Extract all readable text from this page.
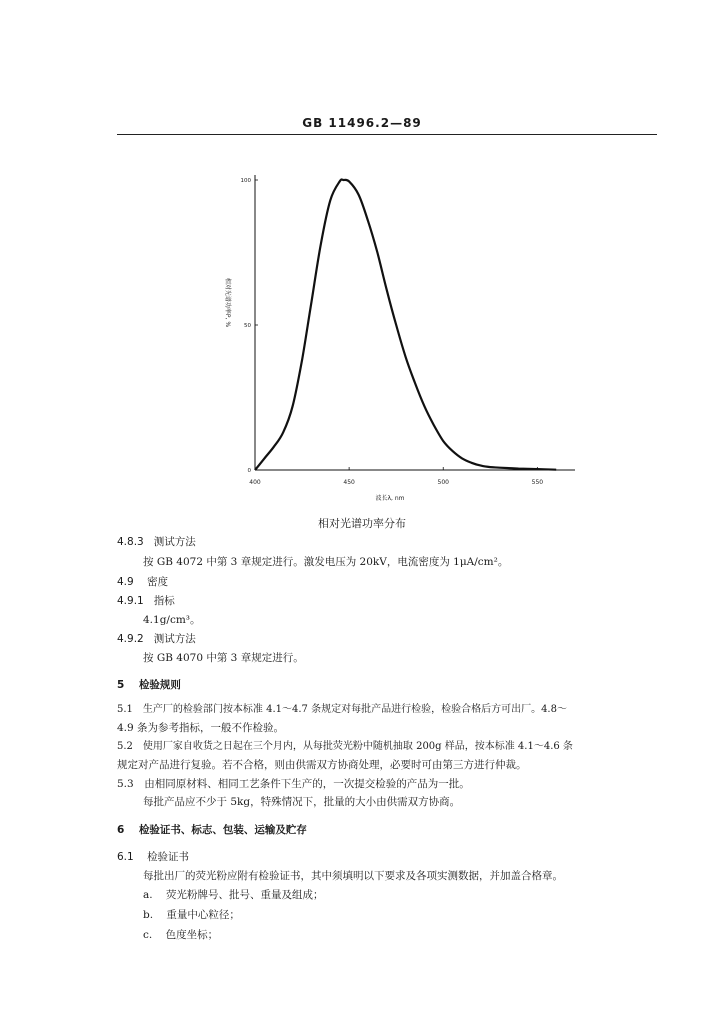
GB 11496.2—89
400	450	500	550
0
50
100
波长λ, nm
相对光谱功率P, %
相对光谱功率分布
4.8.3 测试方法
按 GB 4072 中第 3 章规定进行。激发电压为 20kV，电流密度为 1μA/cm²。
4.9 密度
4.9.1 指标
4.1g/cm³。
4.9.2 测试方法
按 GB 4070 中第 3 章规定进行。
5 检验规则
5.1　生产厂的检验部门按本标准 4.1～4.7 条规定对每批产品进行检验，检验合格后方可出厂。4.8～
4.9 条为参考指标，一般不作检验。
5.2　使用厂家自收货之日起在三个月内，从每批荧光粉中随机抽取 200g 样品，按本标准 4.1～4.6 条
规定对产品进行复验。若不合格，则由供需双方协商处理，必要时可由第三方进行仲裁。
5.3　由相同原材料、相同工艺条件下生产的，一次提交检验的产品为一批。
每批产品应不少于 5kg，特殊情况下，批量的大小由供需双方协商。
6 检验证书、标志、包装、运输及贮存
6.1 检验证书
每批出厂的荧光粉应附有检验证书，其中须填明以下要求及各项实测数据，并加盖合格章。
a. 荧光粉牌号、批号、重量及组成；
b. 重量中心粒径；
c. 色度坐标；
